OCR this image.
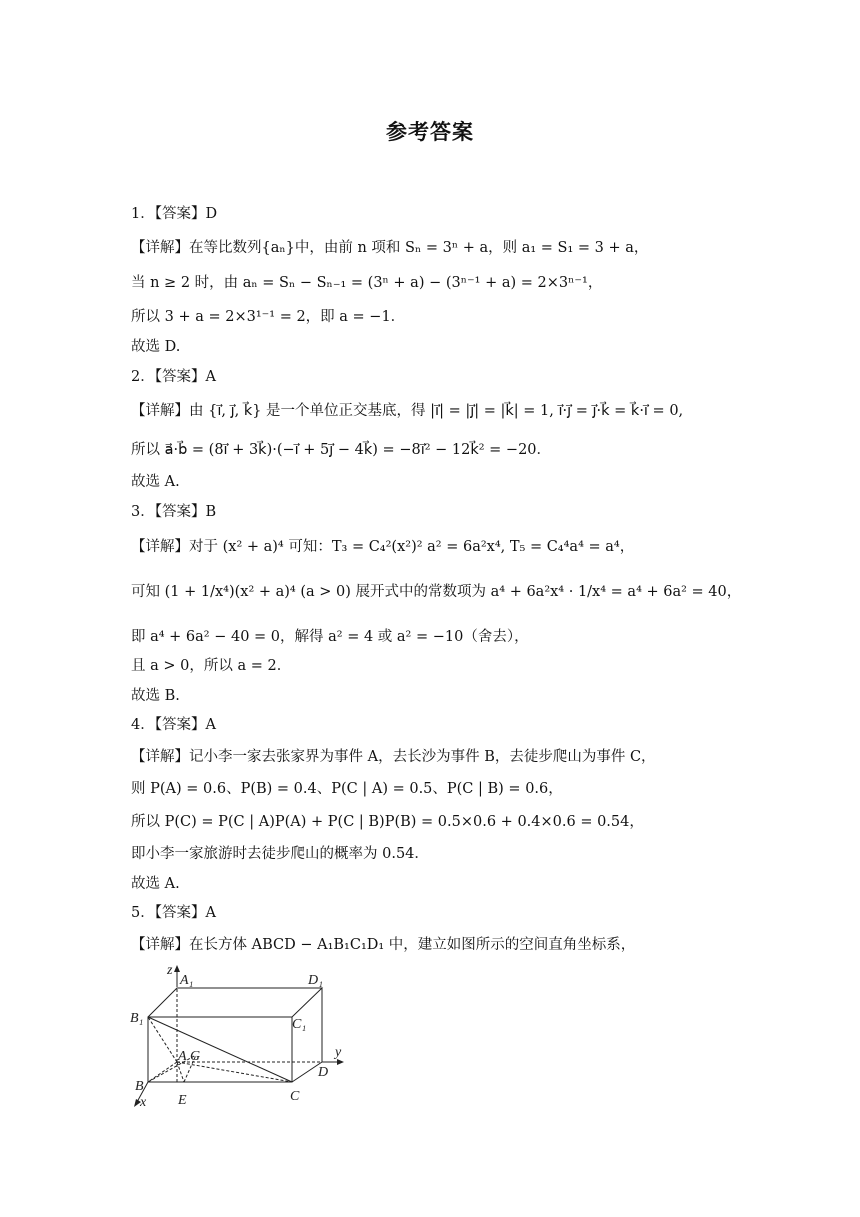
参考答案
1．【答案】D
【详解】在等比数列{aₙ}中，由前 n 项和 Sₙ = 3ⁿ + a，则 a₁ = S₁ = 3 + a，
当 n ≥ 2 时，由 aₙ = Sₙ − Sₙ₋₁ = (3ⁿ + a) − (3ⁿ⁻¹ + a) = 2×3ⁿ⁻¹，
所以 3 + a = 2×3¹⁻¹ = 2，即 a = −1．
故选 D.
2．【答案】A
【详解】由 {i⃗, j⃗, k⃗} 是一个单位正交基底，得 |i⃗| = |j⃗| = |k⃗| = 1, i⃗·j⃗ = j⃗·k⃗ = k⃗·i⃗ = 0,
所以 a⃗·b⃗ = (8i⃗ + 3k⃗)·(−i⃗ + 5j⃗ − 4k⃗) = −8i⃗² − 12k⃗² = −20．
故选 A.
3．【答案】B
【详解】对于 (x² + a)⁴ 可知：T₃ = C₄²(x²)² a² = 6a²x⁴, T₅ = C₄⁴a⁴ = a⁴，
可知 (1 + 1/x⁴)(x² + a)⁴ (a > 0) 展开式中的常数项为 a⁴ + 6a²x⁴ · 1/x⁴ = a⁴ + 6a² = 40，
即 a⁴ + 6a² − 40 = 0，解得 a² = 4 或 a² = −10（舍去），
且 a > 0，所以 a = 2．
故选 B.
4．【答案】A
【详解】记小李一家去张家界为事件 A，去长沙为事件 B，去徒步爬山为事件 C，
则 P(A) = 0.6、P(B) = 0.4、P(C | A) = 0.5、P(C | B) = 0.6，
所以 P(C) = P(C | A)P(A) + P(C | B)P(B) = 0.5×0.6 + 0.4×0.6 = 0.54，
即小李一家旅游时去徒步爬山的概率为 0.54．
故选 A.
5．【答案】A
【详解】在长方体 ABCD − A₁B₁C₁D₁ 中，建立如图所示的空间直角坐标系，
z
y
x
A₁	D₁
B₁	C₁
A G
D
B
E	C
